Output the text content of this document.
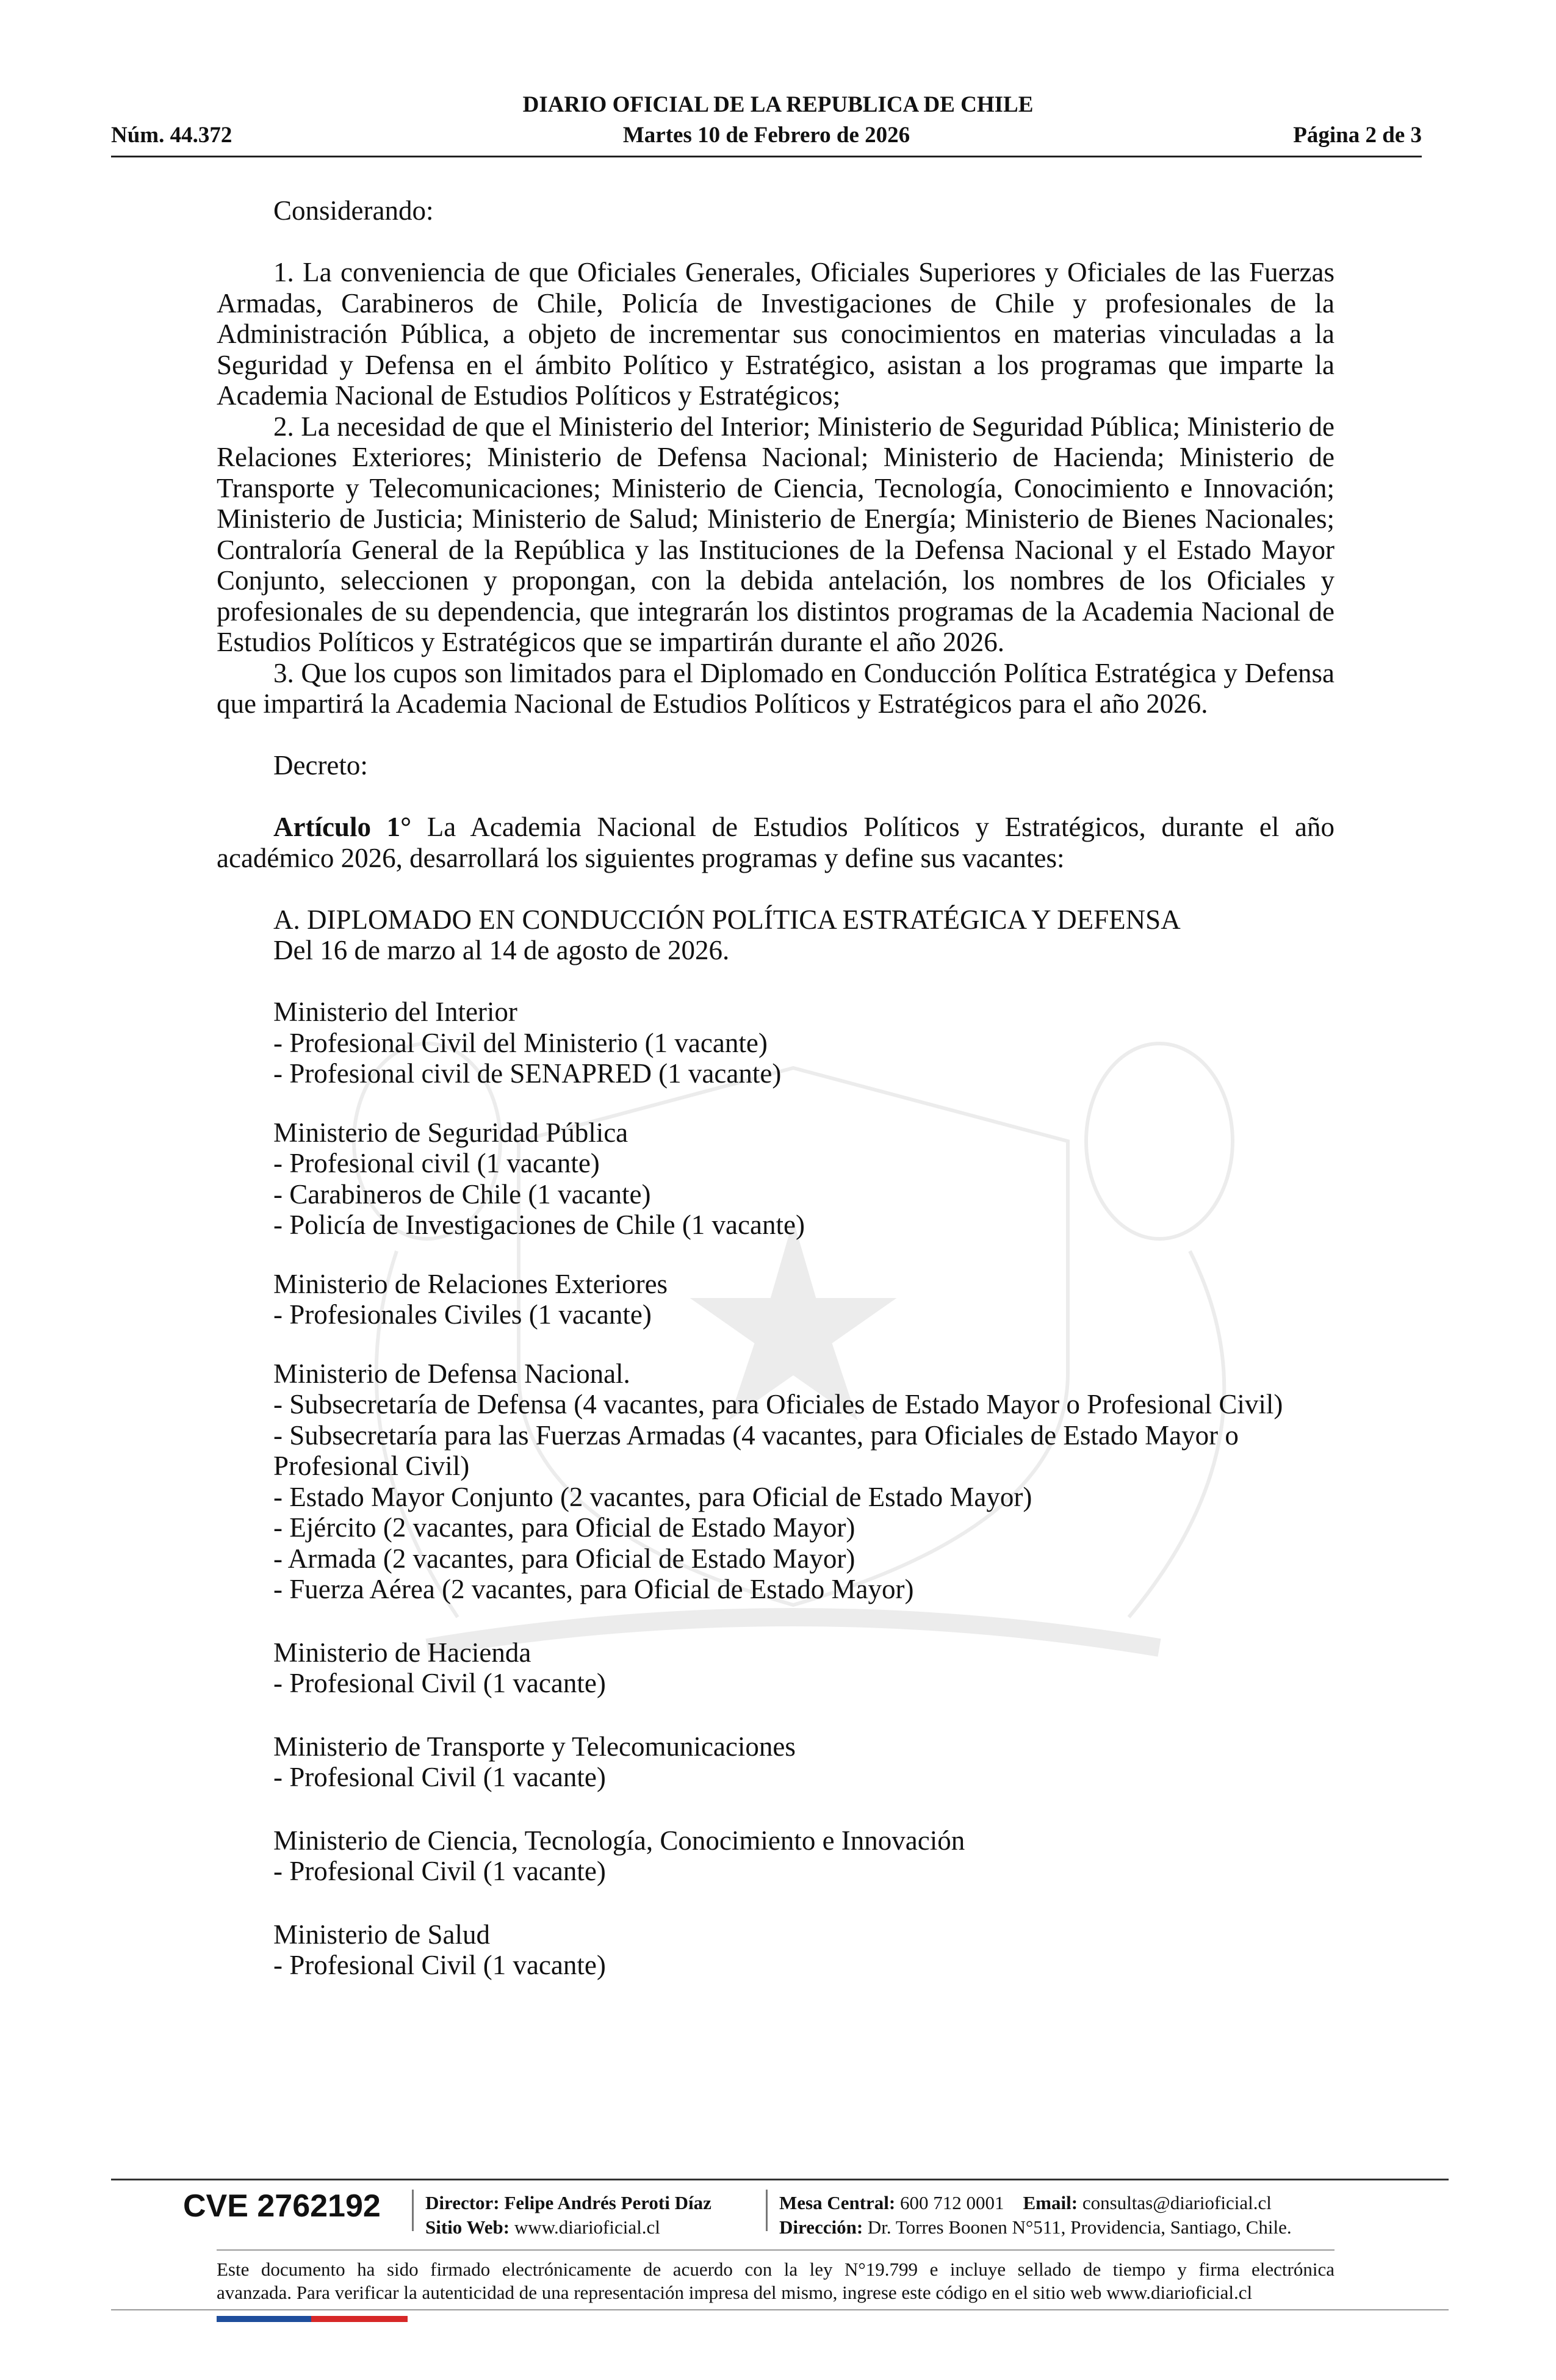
DIARIO OFICIAL DE LA REPUBLICA DE CHILE
Núm. 44.372	Martes 10 de Febrero de 2026	Página 2 de 3

Considerando:

1. La conveniencia de que Oficiales Generales, Oficiales Superiores y Oficiales de las Fuerzas Armadas, Carabineros de Chile, Policía de Investigaciones de Chile y profesionales de la Administración Pública, a objeto de incrementar sus conocimientos en materias vinculadas a la Seguridad y Defensa en el ámbito Político y Estratégico, asistan a los programas que imparte la Academia Nacional de Estudios Políticos y Estratégicos;

2. La necesidad de que el Ministerio del Interior; Ministerio de Seguridad Pública; Ministerio de Relaciones Exteriores; Ministerio de Defensa Nacional; Ministerio de Hacienda; Ministerio de Transporte y Telecomunicaciones; Ministerio de Ciencia, Tecnología, Conocimiento e Innovación; Ministerio de Justicia; Ministerio de Salud; Ministerio de Energía; Ministerio de Bienes Nacionales; Contraloría General de la República y las Instituciones de la Defensa Nacional y el Estado Mayor Conjunto, seleccionen y propongan, con la debida antelación, los nombres de los Oficiales y profesionales de su dependencia, que integrarán los distintos programas de la Academia Nacional de Estudios Políticos y Estratégicos que se impartirán durante el año 2026.

3. Que los cupos son limitados para el Diplomado en Conducción Política Estratégica y Defensa que impartirá la Academia Nacional de Estudios Políticos y Estratégicos para el año 2026.

Decreto:

Artículo 1° La Academia Nacional de Estudios Políticos y Estratégicos, durante el año académico 2026, desarrollará los siguientes programas y define sus vacantes:

A. DIPLOMADO EN CONDUCCIÓN POLÍTICA ESTRATÉGICA Y DEFENSA

Del 16 de marzo al 14 de agosto de 2026.

Ministerio del Interior
- Profesional Civil del Ministerio (1 vacante)
- Profesional civil de SENAPRED (1 vacante)
Ministerio de Seguridad Pública
- Profesional civil (1 vacante)
- Carabineros de Chile (1 vacante)
- Policía de Investigaciones de Chile (1 vacante)
Ministerio de Relaciones Exteriores
- Profesionales Civiles (1 vacante)
Ministerio de Defensa Nacional.
- Subsecretaría de Defensa (4 vacantes, para Oficiales de Estado Mayor o Profesional Civil)
- Subsecretaría para las Fuerzas Armadas (4 vacantes, para Oficiales de Estado Mayor o Profesional Civil)
- Estado Mayor Conjunto (2 vacantes, para Oficial de Estado Mayor)
- Ejército (2 vacantes, para Oficial de Estado Mayor)
- Armada (2 vacantes, para Oficial de Estado Mayor)
- Fuerza Aérea (2 vacantes, para Oficial de Estado Mayor)
Ministerio de Hacienda
- Profesional Civil (1 vacante)
Ministerio de Transporte y Telecomunicaciones
- Profesional Civil (1 vacante)
Ministerio de Ciencia, Tecnología, Conocimiento e Innovación
- Profesional Civil (1 vacante)
Ministerio de Salud
- Profesional Civil (1 vacante)
CVE 2762192 Director: Felipe Andrés Peroti Díaz
Sitio Web: www.diarioficial.cl
Mesa Central: 600 712 0001 Email: consultas@diarioficial.cl
Dirección: Dr. Torres Boonen N°511, Providencia, Santiago, Chile.
Este documento ha sido firmado electrónicamente de acuerdo con la ley N°19.799 e incluye sellado de tiempo y firma electrónica
avanzada. Para verificar la autenticidad de una representación impresa del mismo, ingrese este código en el sitio web www.diarioficial.cl
